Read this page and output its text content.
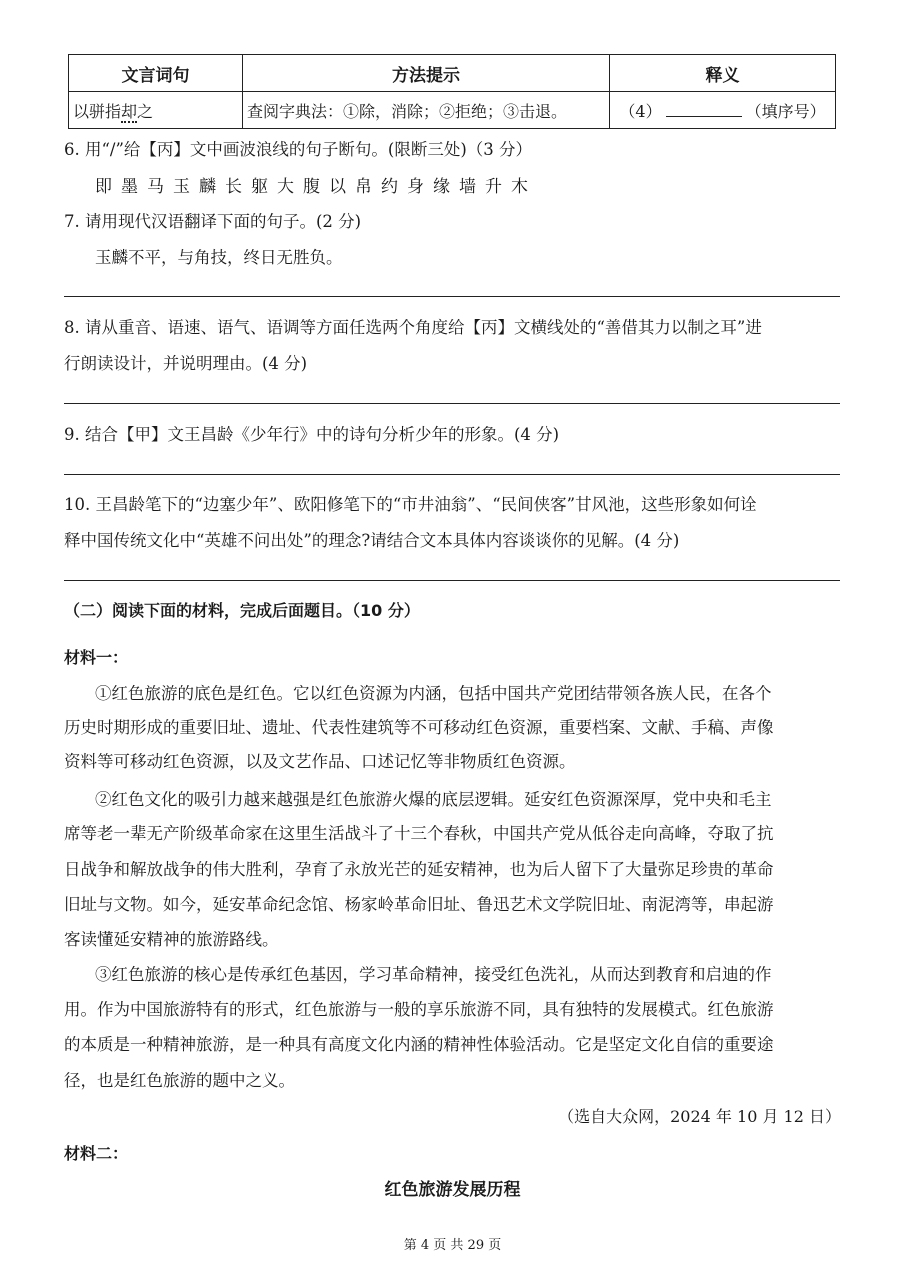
文言词句	方法提示	释义
以骈指却之	查阅字典法：①除，消除；②拒绝；③击退。	（4） （填序号）
6. 用“/”给【丙】文中画波浪线的句子断句。(限断三处)（3 分）
即墨马玉麟长躯大腹以帛约身缘墙升木
7. 请用现代汉语翻译下面的句子。(2 分)
玉麟不平，与角技，终日无胜负。
8. 请从重音、语速、语气、语调等方面任选两个角度给【丙】文横线处的“善借其力以制之耳”进
行朗读设计，并说明理由。(4 分)
9. 结合【甲】文王昌龄《少年行》中的诗句分析少年的形象。(4 分)
10. 王昌龄笔下的“边塞少年”、欧阳修笔下的“市井油翁”、“民间侠客”甘风池，这些形象如何诠
释中国传统文化中“英雄不问出处”的理念?请结合文本具体内容谈谈你的见解。(4 分)
（二）阅读下面的材料，完成后面题目。（10 分）
材料一：
①红色旅游的底色是红色。它以红色资源为内涵，包括中国共产党团结带领各族人民，在各个
历史时期形成的重要旧址、遗址、代表性建筑等不可移动红色资源，重要档案、文献、手稿、声像
资料等可移动红色资源，以及文艺作品、口述记忆等非物质红色资源。
②红色文化的吸引力越来越强是红色旅游火爆的底层逻辑。延安红色资源深厚，党中央和毛主
席等老一辈无产阶级革命家在这里生活战斗了十三个春秋，中国共产党从低谷走向高峰，夺取了抗
日战争和解放战争的伟大胜利，孕育了永放光芒的延安精神，也为后人留下了大量弥足珍贵的革命
旧址与文物。如今，延安革命纪念馆、杨家岭革命旧址、鲁迅艺术文学院旧址、南泥湾等，串起游
客读懂延安精神的旅游路线。
③红色旅游的核心是传承红色基因，学习革命精神，接受红色洗礼，从而达到教育和启迪的作
用。作为中国旅游特有的形式，红色旅游与一般的享乐旅游不同，具有独特的发展模式。红色旅游
的本质是一种精神旅游，是一种具有高度文化内涵的精神性体验活动。它是坚定文化自信的重要途
径，也是红色旅游的题中之义。
（选自大众网，2024 年 10 月 12 日）
材料二：
红色旅游发展历程
第 4 页 共 29 页
